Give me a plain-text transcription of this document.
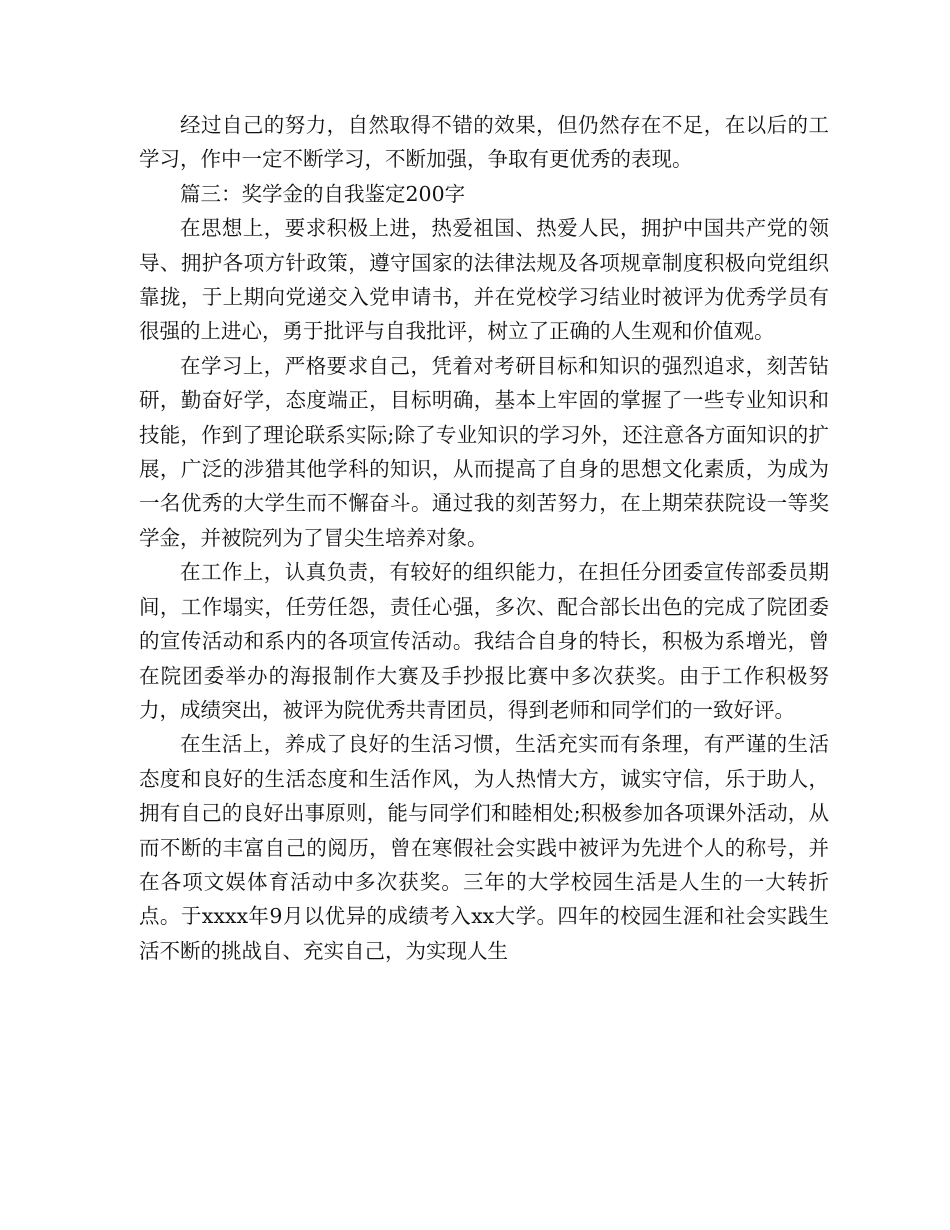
经过自己的努力，自然取得不错的效果，但仍然存在不足，在以后的工学习，作中一定不断学习，不断加强，争取有更优秀的表现。

篇三：奖学金的自我鉴定200字

在思想上，要求积极上进，热爱祖国、热爱人民，拥护中国共产党的领导、拥护各项方针政策，遵守国家的法律法规及各项规章制度积极向党组织靠拢，于上期向党递交入党申请书，并在党校学习结业时被评为优秀学员有很强的上进心，勇于批评与自我批评，树立了正确的人生观和价值观。

在学习上，严格要求自己，凭着对考研目标和知识的强烈追求，刻苦钻研，勤奋好学，态度端正，目标明确，基本上牢固的掌握了一些专业知识和技能，作到了理论联系实际;除了专业知识的学习外，还注意各方面知识的扩展，广泛的涉猎其他学科的知识，从而提高了自身的思想文化素质，为成为一名优秀的大学生而不懈奋斗。通过我的刻苦努力，在上期荣获院设一等奖学金，并被院列为了冒尖生培养对象。

在工作上，认真负责，有较好的组织能力，在担任分团委宣传部委员期间，工作塌实，任劳任怨，责任心强，多次、配合部长出色的完成了院团委的宣传活动和系内的各项宣传活动。我结合自身的特长，积极为系增光，曾在院团委举办的海报制作大赛及手抄报比赛中多次获奖。由于工作积极努力，成绩突出，被评为院优秀共青团员，得到老师和同学们的一致好评。

在生活上，养成了良好的生活习惯，生活充实而有条理，有严谨的生活态度和良好的生活态度和生活作风，为人热情大方，诚实守信，乐于助人，拥有自己的良好出事原则，能与同学们和睦相处;积极参加各项课外活动，从而不断的丰富自己的阅历，曾在寒假社会实践中被评为先进个人的称号，并在各项文娱体育活动中多次获奖。三年的大学校园生活是人生的一大转折点。于xxxx年9月以优异的成绩考入xx大学。四年的校园生涯和社会实践生活不断的挑战自、充实自己，为实现人生
